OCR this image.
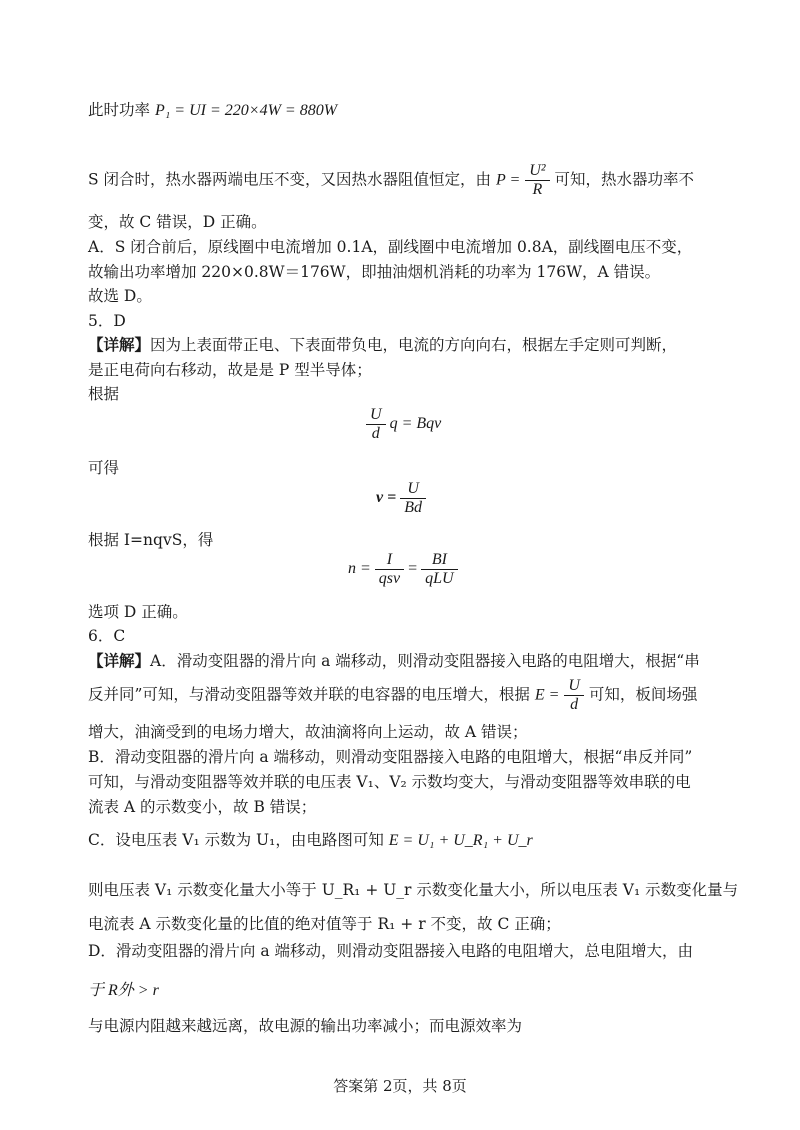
此时功率 P₁ = UI = 220×4W = 880W
S 闭合时，热水器两端电压不变，又因热水器阻值恒定，由 $P = \frac{\text{U²}}{R}$ 可知，热水器功率不
变，故 C 错误，D 正确。
A．S 闭合前后，原线圈中电流增加 0.1A，副线圈中电流增加 0.8A，副线圈电压不变，
故输出功率增加 220×0.8W＝176W，即抽油烟机消耗的功率为 176W，A 错误。
故选 D。
5．D
【详解】因为上表面带正电、下表面带负电，电流的方向向右，根据左手定则可判断，
是正电荷向右移动，故是是 P 型半导体；
根据
$\frac{U}{d}$ q = Bqv
可得
$v = \frac{U}{Bd}$
根据 I=nqvS，得
$n = \frac{I}{\text{qsv}} = \frac{BI}{\text{qLU}}$
选项 D 正确。
6．C
【详解】A．滑动变阻器的滑片向 a 端移动，则滑动变阻器接入电路的电阻增大，根据“串
反并同”可知，与滑动变阻器等效并联的电容器的电压增大，根据 $E = \frac{U}{d}$ 可知，板间场强
增大，油滴受到的电场力增大，故油滴将向上运动，故 A 错误；
B．滑动变阻器的滑片向 a 端移动，则滑动变阻器接入电路的电阻增大，根据“串反并同”
可知，与滑动变阻器等效并联的电压表 V₁、V₂ 示数均变大，与滑动变阻器等效串联的电
流表 A 的示数变小，故 B 错误；
C．设电压表 V₁ 示数为 U₁，由电路图可知 E = U₁ + U_R₁ + U_r
则电压表 V₁ 示数变化量大小等于 U_R₁ + U_r 示数变化量大小，所以电压表 V₁ 示数变化量与
电流表 A 示数变化量的比值的绝对值等于 R₁ + r 不变，故 C 正确；
D．滑动变阻器的滑片向 a 端移动，则滑动变阻器接入电路的电阻增大，总电阻增大，由
于 R外 > r
与电源内阻越来越远离，故电源的输出功率减小；而电源效率为
答案第 2页，共 8页
